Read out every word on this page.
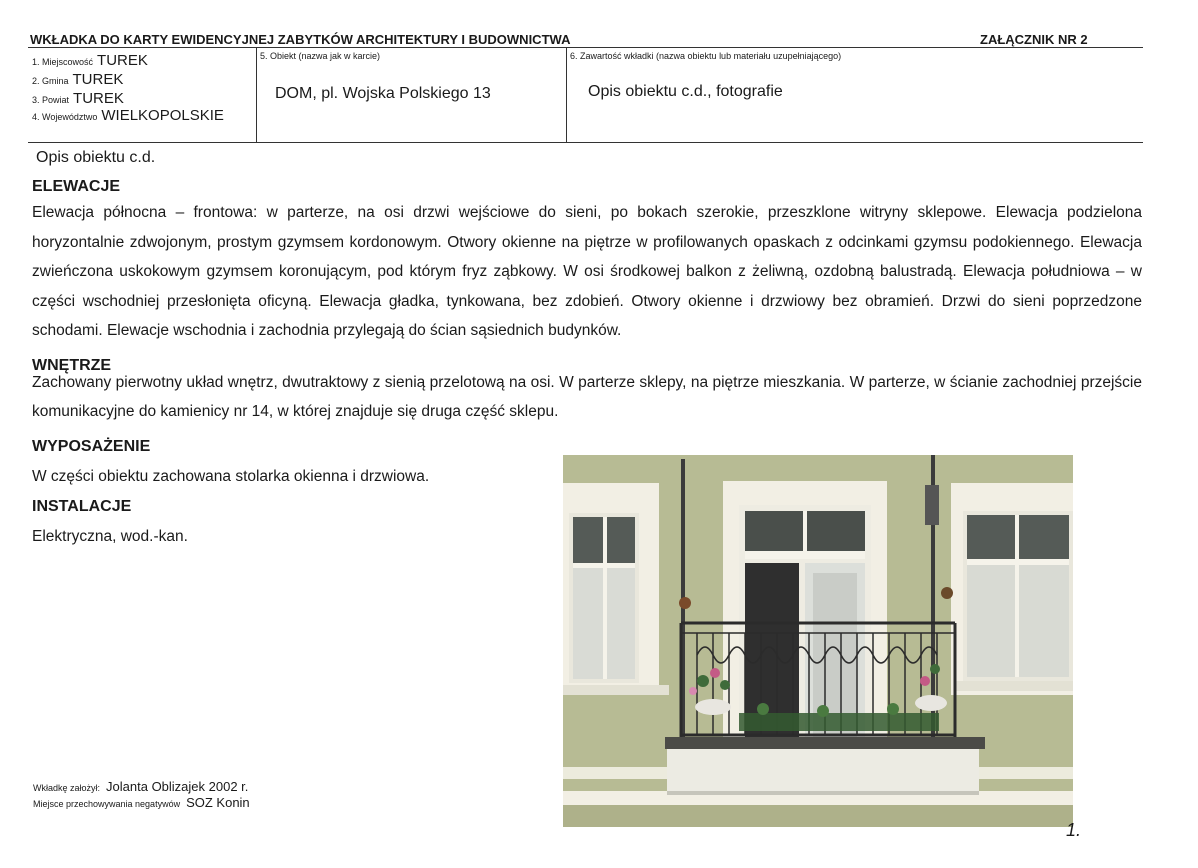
WKŁADKA DO KARTY EWIDENCYJNEJ ZABYTKÓW ARCHITEKTURY I BUDOWNICTWA	ZAŁĄCZNIK NR 2
1. Miejscowość TUREK
2. Gmina TUREK
3. Powiat TUREK
4. Województwo WIELKOPOLSKIE
5. Obiekt (nazwa jak w karcie)
DOM, pl. Wojska Polskiego 13
6. Zawartość wkładki (nazwa obiektu lub materiału uzupełniającego)
Opis obiektu c.d., fotografie
Opis obiektu c.d.
ELEWACJE
Elewacja północna – frontowa: w parterze, na osi drzwi wejściowe do sieni, po bokach szerokie, przeszklone witryny sklepowe. Elewacja podzielona horyzontalnie zdwojonym, prostym gzymsem kordonowym. Otwory okienne na piętrze w profilowanych opaskach z odcinkami gzymsu podokiennego. Elewacja zwieńczona uskokowym gzymsem koronującym, pod którym fryz ząbkowy. W osi środkowej balkon z żeliwną, ozdobną balustradą. Elewacja południowa – w części wschodniej przesłonięta oficyną. Elewacja gładka, tynkowana, bez zdobień. Otwory okienne i drzwiowy bez obramień. Drzwi do sieni poprzedzone schodami. Elewacje wschodnia i zachodnia przylegają do ścian sąsiednich budynków.
WNĘTRZE
Zachowany pierwotny układ wnętrz, dwutraktowy z sienią przelotową na osi. W parterze sklepy, na piętrze mieszkania. W parterze, w ścianie zachodniej przejście komunikacyjne do kamienicy nr 14, w której znajduje się druga część sklepu.
WYPOSAŻENIE
W części obiektu zachowana stolarka okienna i drzwiowa.
INSTALACJE
Elektryczna, wod.-kan.
Wkładkę założył: Jolanta Oblizajek 2002 r.
Miejsce przechowywania negatywów SOZ Konin
1.
